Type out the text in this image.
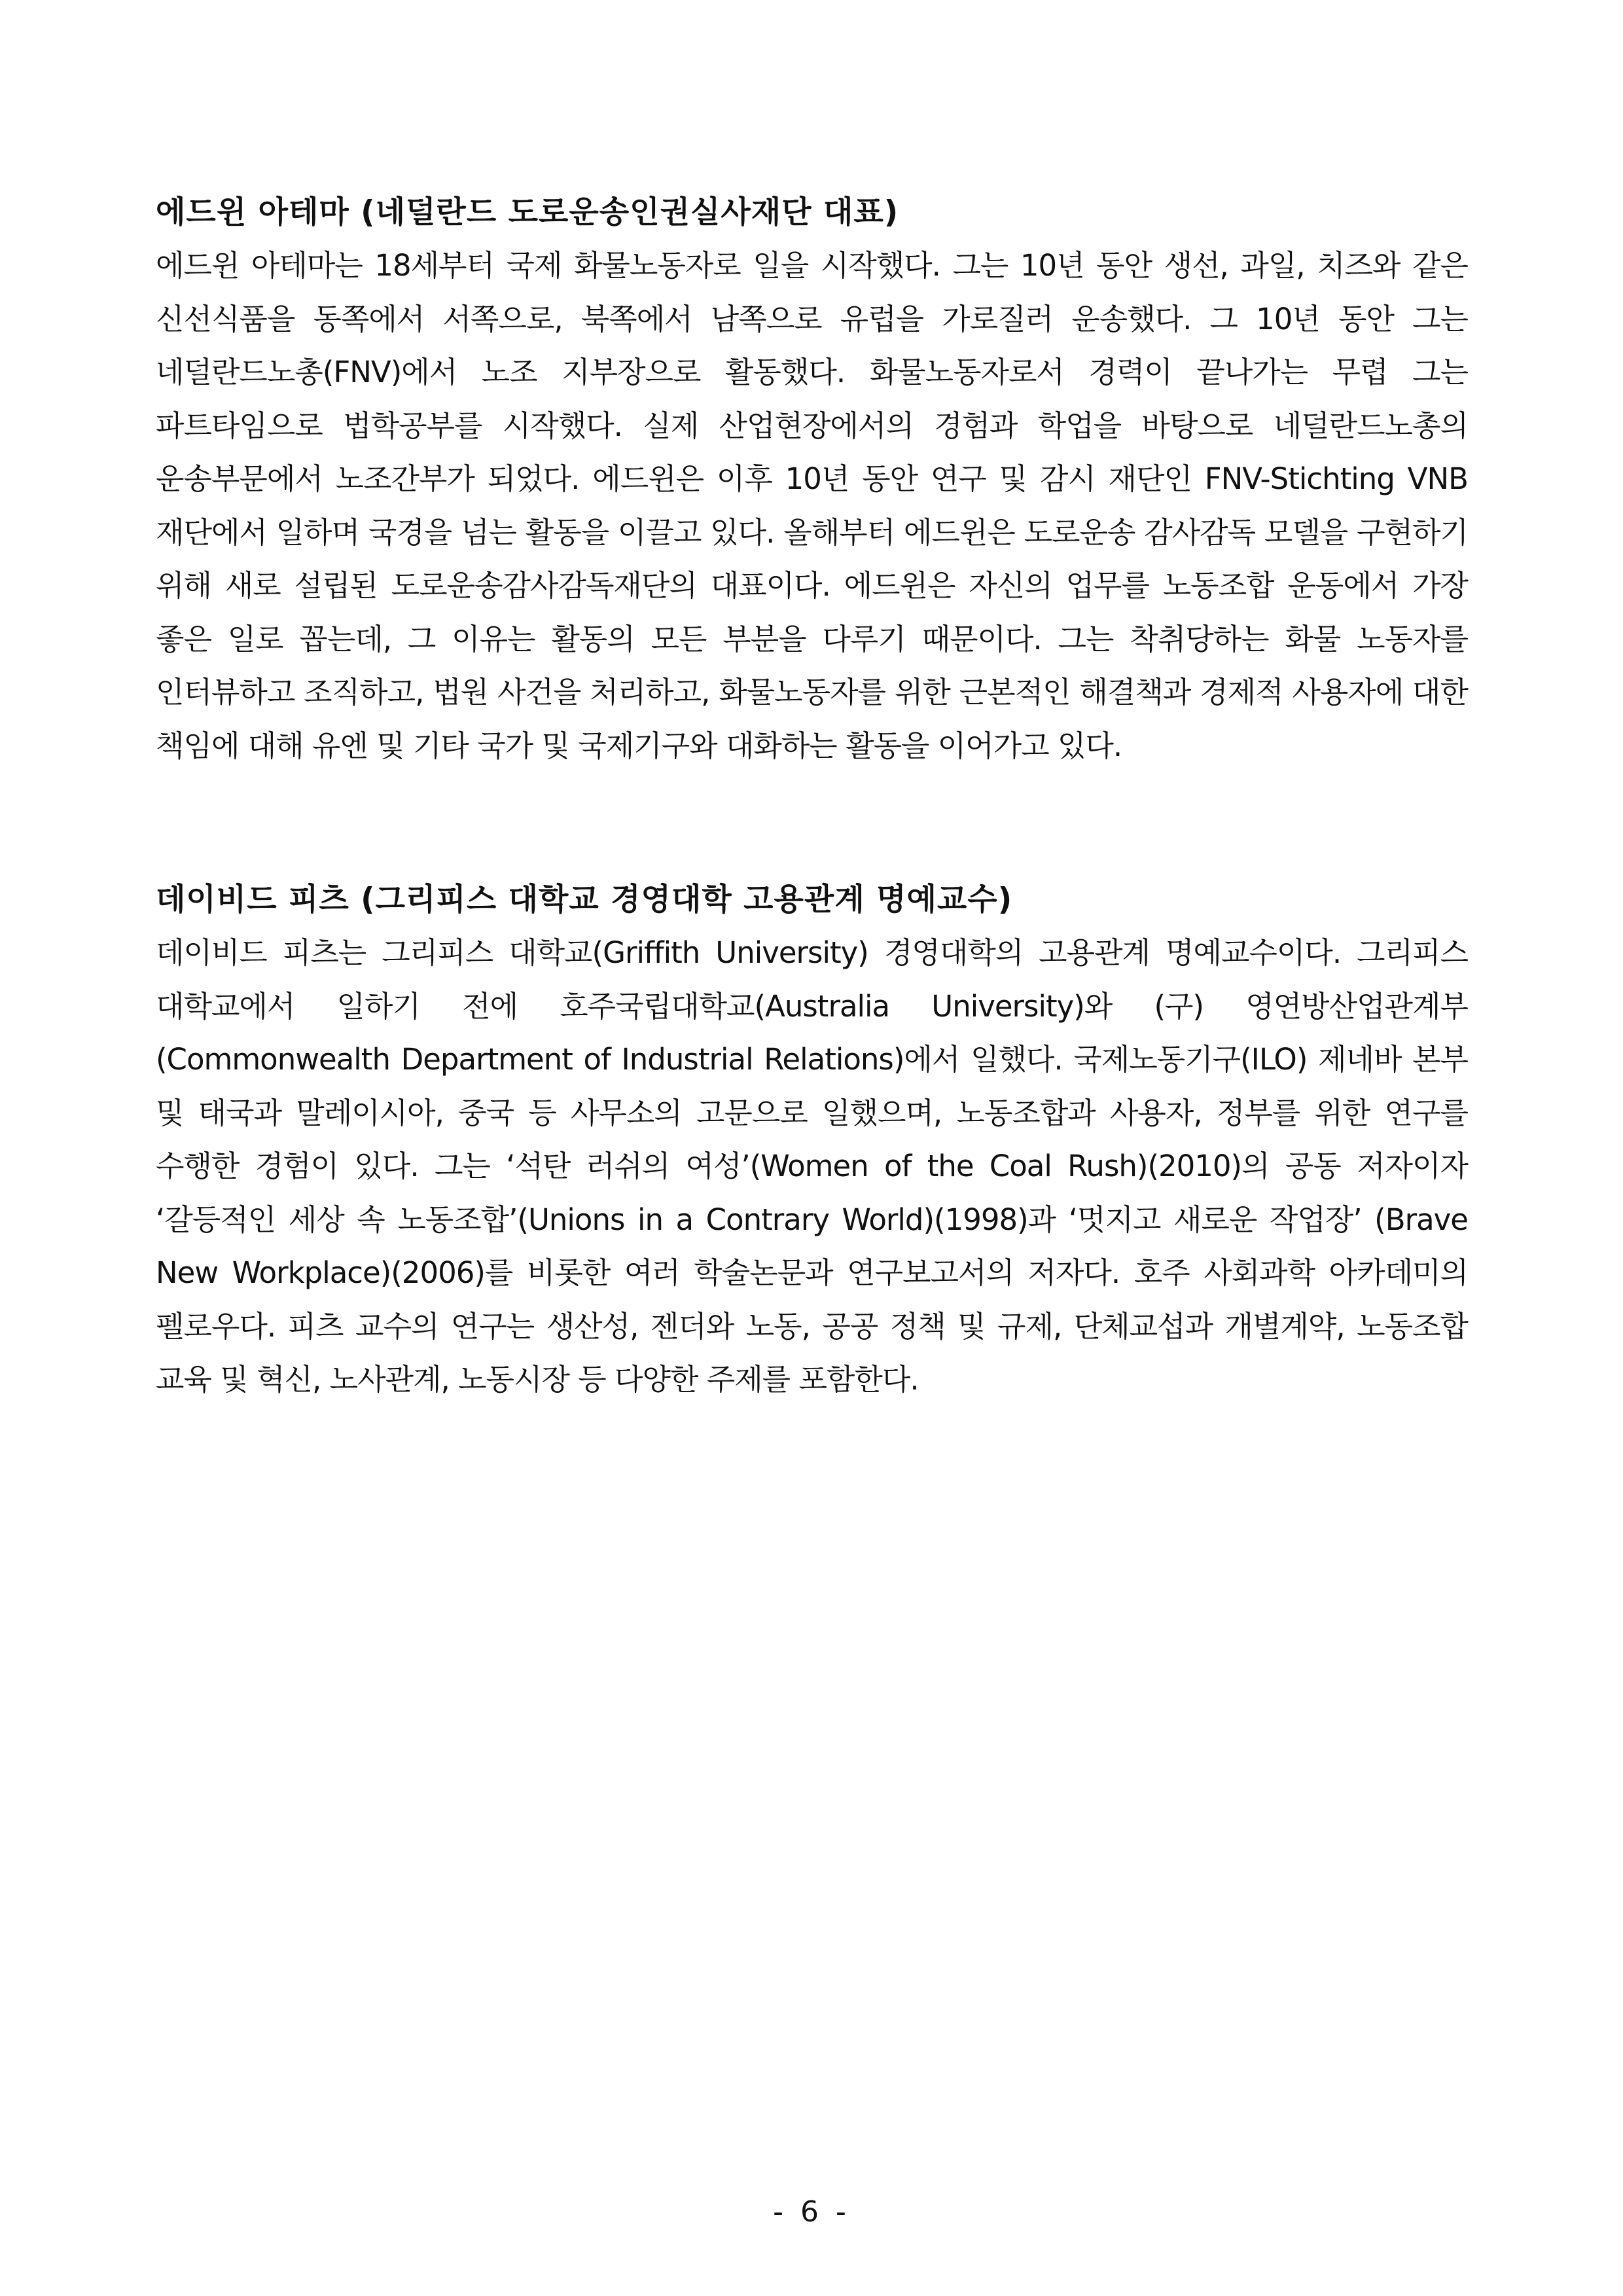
에드윈 아테마 (네덜란드 도로운송인권실사재단 대표)

에드윈 아테마는 18세부터 국제 화물노동자로 일을 시작했다. 그는 10년 동안 생선, 과일, 치즈와 같은 신선식품을 동쪽에서 서쪽으로, 북쪽에서 남쪽으로 유럽을 가로질러 운송했다. 그 10년 동안 그는 네덜란드노총(FNV)에서 노조 지부장으로 활동했다. 화물노동자로서 경력이 끝나가는 무렵 그는 파트타임으로 법학공부를 시작했다. 실제 산업현장에서의 경험과 학업을 바탕으로 네덜란드노총의 운송부문에서 노조간부가 되었다. 에드윈은 이후 10년 동안 연구 및 감시 재단인 FNV-Stichting VNB 재단에서 일하며 국경을 넘는 활동을 이끌고 있다. 올해부터 에드윈은 도로운송 감사감독 모델을 구현하기 위해 새로 설립된 도로운송감사감독재단의 대표이다. 에드윈은 자신의 업무를 노동조합 운동에서 가장 좋은 일로 꼽는데, 그 이유는 활동의 모든 부분을 다루기 때문이다. 그는 착취당하는 화물 노동자를 인터뷰하고 조직하고, 법원 사건을 처리하고, 화물노동자를 위한 근본적인 해결책과 경제적 사용자에 대한 책임에 대해 유엔 및 기타 국가 및 국제기구와 대화하는 활동을 이어가고 있다.

데이비드 피츠 (그리피스 대학교 경영대학 고용관계 명예교수)

데이비드 피츠는 그리피스 대학교(Griffith University) 경영대학의 고용관계 명예교수이다. 그리피스 대학교에서 일하기 전에 호주국립대학교(Australia University)와 (구) 영연방산업관계부(Commonwealth Department of Industrial Relations)에서 일했다. 국제노동기구(ILO) 제네바 본부 및 태국과 말레이시아, 중국 등 사무소의 고문으로 일했으며, 노동조합과 사용자, 정부를 위한 연구를 수행한 경험이 있다. 그는 ‘석탄 러쉬의 여성’(Women of the Coal Rush)(2010)의 공동 저자이자 ‘갈등적인 세상 속 노동조합’(Unions in a Contrary World)(1998)과 ‘멋지고 새로운 작업장’ (Brave New Workplace)(2006)를 비롯한 여러 학술논문과 연구보고서의 저자다. 호주 사회과학 아카데미의 펠로우다. 피츠 교수의 연구는 생산성, 젠더와 노동, 공공 정책 및 규제, 단체교섭과 개별계약, 노동조합 교육 및 혁신, 노사관계, 노동시장 등 다양한 주제를 포함한다.

- 6 -
